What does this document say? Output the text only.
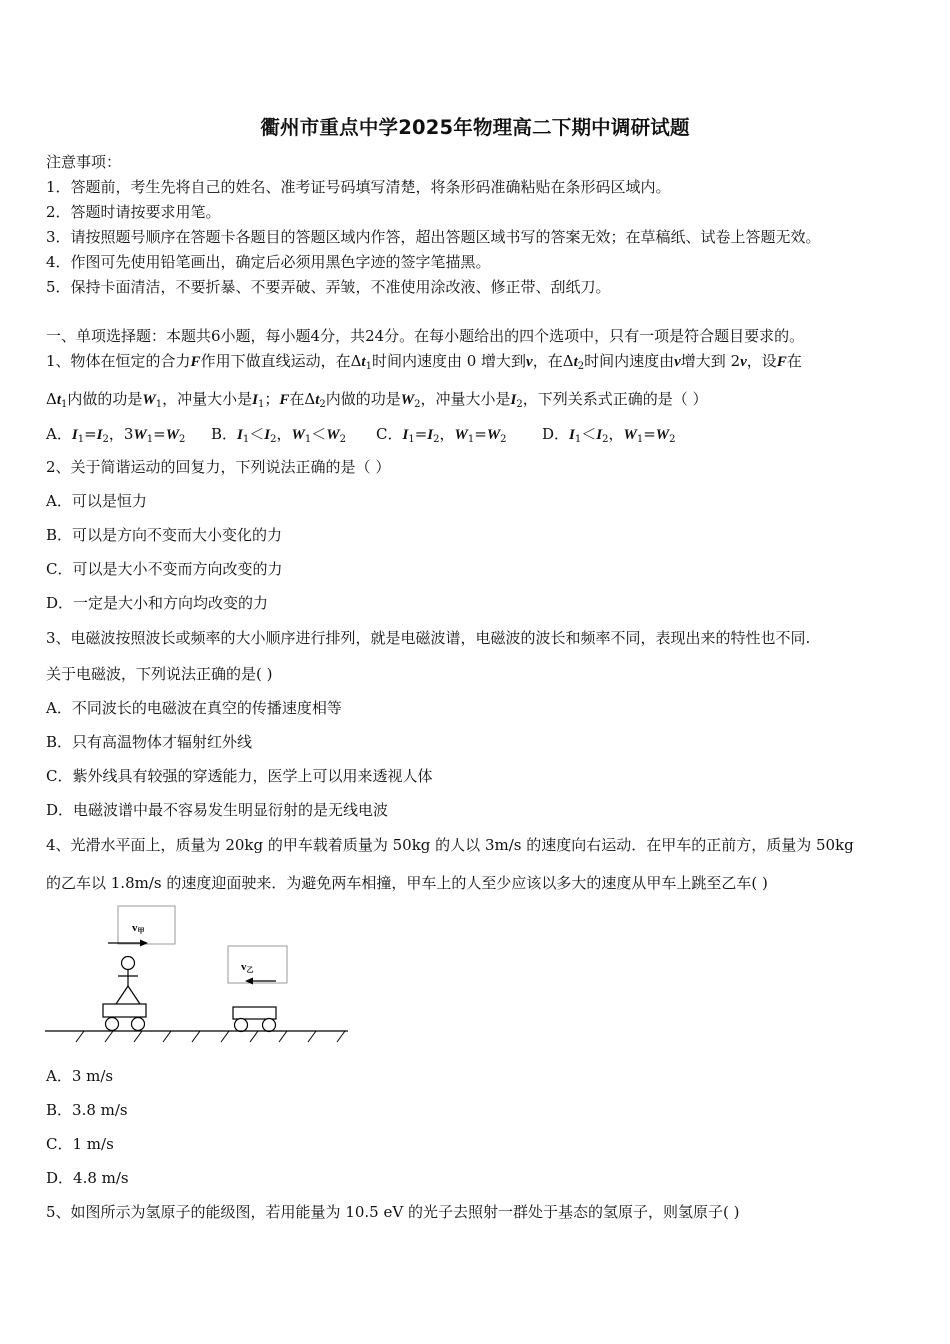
衢州市重点中学2025年物理高二下期中调研试题
注意事项：
1．答题前，考生先将自己的姓名、准考证号码填写清楚，将条形码准确粘贴在条形码区域内。
2．答题时请按要求用笔。
3．请按照题号顺序在答题卡各题目的答题区域内作答，超出答题区域书写的答案无效；在草稿纸、试卷上答题无效。
4．作图可先使用铅笔画出，确定后必须用黑色字迹的签字笔描黑。
5．保持卡面清洁，不要折暴、不要弄破、弄皱，不准使用涂改液、修正带、刮纸刀。
一、单项选择题：本题共6小题，每小题4分，共24分。在每小题给出的四个选项中，只有一项是符合题目要求的。
1、物体在恒定的合力F作用下做直线运动，在$\Delta t_1$时间内速度由 0 增大到v，在$\Delta t_2$时间内速度由v增大到 2v，设F在
$\Delta t_1$内做的功是$W_1$，冲量大小是$I_1$；F在$\Delta t_2$内做的功是$W_2$，冲量大小是$I_2$，下列关系式正确的是（ ）
A．$I_1=I_2$，$3W_1=W_2$ B．$I_1<I_2$，$W_1<W_2$ C．$I_1=I_2$，$W_1=W_2$ D．$I_1<I_2$，$W_1=W_2$
2、关于简谐运动的回复力，下列说法正确的是（ ）
A．可以是恒力
B．可以是方向不变而大小变化的力
C．可以是大小不变而方向改变的力
D．一定是大小和方向均改变的力
3、电磁波按照波长或频率的大小顺序进行排列，就是电磁波谱，电磁波的波长和频率不同，表现出来的特性也不同.
关于电磁波，下列说法正确的是( )
A．不同波长的电磁波在真空的传播速度相等
B．只有高温物体才辐射红外线
C．紫外线具有较强的穿透能力，医学上可以用来透视人体
D．电磁波谱中最不容易发生明显衍射的是无线电波
4、光滑水平面上，质量为 20kg 的甲车载着质量为 50kg 的人以 3m/s 的速度向右运动．在甲车的正前方，质量为 50kg
的乙车以 1.8m/s 的速度迎面驶来．为避免两车相撞，甲车上的人至少应该以多大的速度从甲车上跳至乙车( )
v甲
v乙
A．3 m/s
B．3.8 m/s
C．1 m/s
D．4.8 m/s
5、如图所示为氢原子的能级图，若用能量为 10.5 eV 的光子去照射一群处于基态的氢原子，则氢原子( )
